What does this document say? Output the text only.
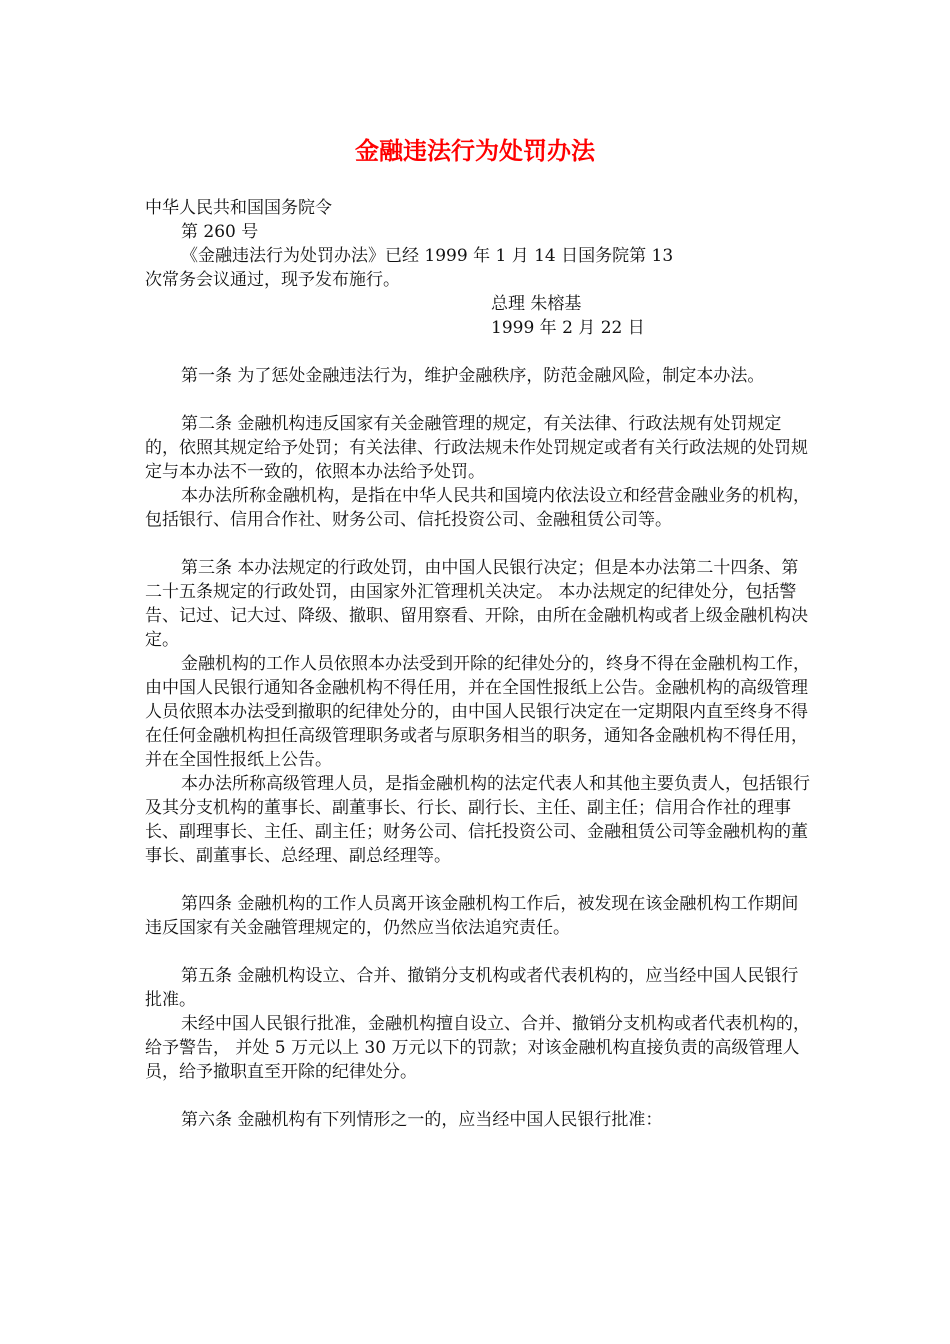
金融违法行为处罚办法

中华人民共和国国务院令

第 260 号

《金融违法行为处罚办法》已经 1999 年 1 月 14 日国务院第 13 次常务会议通过，现予发布施行。

总理 朱榕基

1999 年 2 月 22 日

第一条 为了惩处金融违法行为，维护金融秩序，防范金融风险，制定本办法。

第二条 金融机构违反国家有关金融管理的规定，有关法律、行政法规有处罚规定的，依照其规定给予处罚；有关法律、行政法规未作处罚规定或者有关行政法规的处罚规定与本办法不一致的，依照本办法给予处罚。

本办法所称金融机构，是指在中华人民共和国境内依法设立和经营金融业务的机构，包括银行、信用合作社、财务公司、信托投资公司、金融租赁公司等。

第三条 本办法规定的行政处罚，由中国人民银行决定；但是本办法第二十四条、第二十五条规定的行政处罚，由国家外汇管理机关决定。 本办法规定的纪律处分，包括警告、记过、记大过、降级、撤职、留用察看、开除，由所在金融机构或者上级金融机构决定。

金融机构的工作人员依照本办法受到开除的纪律处分的，终身不得在金融机构工作，由中国人民银行通知各金融机构不得任用，并在全国性报纸上公告。金融机构的高级管理人员依照本办法受到撤职的纪律处分的，由中国人民银行决定在一定期限内直至终身不得在任何金融机构担任高级管理职务或者与原职务相当的职务，通知各金融机构不得任用，并在全国性报纸上公告。

本办法所称高级管理人员，是指金融机构的法定代表人和其他主要负责人，包括银行及其分支机构的董事长、副董事长、行长、副行长、主任、副主任；信用合作社的理事长、副理事长、主任、副主任；财务公司、信托投资公司、金融租赁公司等金融机构的董事长、副董事长、总经理、副总经理等。

第四条 金融机构的工作人员离开该金融机构工作后，被发现在该金融机构工作期间违反国家有关金融管理规定的，仍然应当依法追究责任。

第五条 金融机构设立、合并、撤销分支机构或者代表机构的，应当经中国人民银行批准。

未经中国人民银行批准，金融机构擅自设立、合并、撤销分支机构或者代表机构的，给予警告， 并处 5 万元以上 30 万元以下的罚款；对该金融机构直接负责的高级管理人员，给予撤职直至开除的纪律处分。

第六条 金融机构有下列情形之一的，应当经中国人民银行批准：
